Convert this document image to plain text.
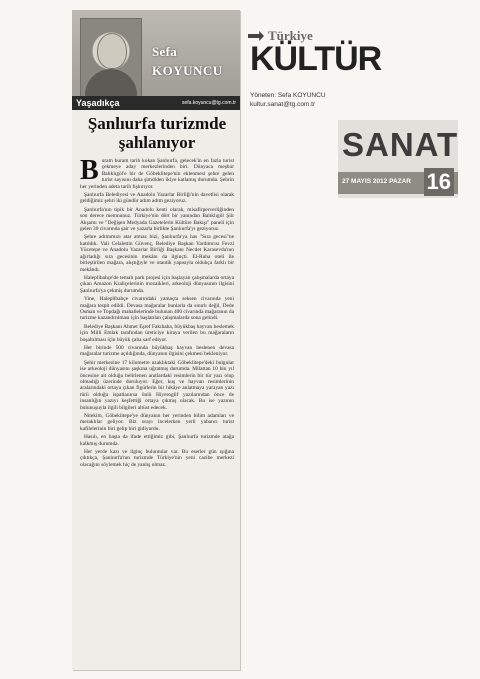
Sefa
KOYUNCU
Yaşadıkça	sefa.koyuncu@tg.com.tr
Şanlıurfa turizmde şahlanıyor

Buram buram tarih kokan Şanlıurfa, gelecek'in en fazla turist çekmeye aday merkezlerinden biri. Dünyaca meşhur Balıklıgöl'e bir de Göbeklitepe'nin eklenmesi şehre gelen turist sayısını daha şimdiden ikiye katlamış durumda. Şehrin her yerinden adeta tarih fışkırıyor.

Şanlıurfa Belediyesi ve Anadolu Yazarlar Birliği'nin davetlisi olarak geldiğimiz şehri iki gündür adım adım geziyoruz.

Şanlıurfa'nın tipik bir Anadolu kenti olarak, misafirperverliğinden son derece memnunuz. Türkiye'nin dört bir yanından Balıklıgöl Şiir Akşamı ve "Değişen Medyada Gazetelerin Kültüre Bakışı" paneli için gelen 30 civarında şair ve yazarla birlikte Şanlıurfa'yı geziyoruz.

Şehre adımımızı atar atmaz bizi, Şanlıurfa'ya has "Sıra gecesi"ne katıldık. Vali Celalettin Güvenç, Belediye Başkan Yardımcısı Fevzi Yücetepe ve Anadolu Yazarlar Birliği Başkanı Necdet Karasevda'nın ağırladığı sıra gecesinin mekânı da ilginçti. El-Ruha oteli ile birleştirilen mağara, alıştığıyle ve otantik yapısıyla oldukça farklı bir mekândı.

Haleplibahçe'de temalı park projesi için başlayan çalışmalarda ortaya çıkan Amazon Kraliçelerinin mozaikleri, arkeoloji dünyasının ilgisini Şanlıurfa'ya çekmiş durumda.

Yine, Haleplibahçe civarındaki yamaçta seksen civarında yeni mağara tespit edildi. Devasa mağaralar bunlarla da sınırlı değil, Dede Osman ve Topdağı mahallelerinde bulunan 400 civarında mağaranın da turizme kazandırılması için başlatılan çalışmalarda sona gelindi.

Belediye Başkanı Ahmet Eşref Fakıbaba, büyükbaş hayvan beslemek için Milli Emlak tarafından üreticiye kiraya verilen bu mağaraların boşaltılması için büyük çaba sarf ediyor.

Her birinde 500 civarında büyükbaş hayvan beslenen devasa mağaralar turizme açıldığında, dünyanın ilgisini çekmesi bekleniyor.

Şehir merkezine 17 kilometre uzaklıktaki Göbeklitepe'deki bulgular ise arkeoloji dünyasını şaşkına uğratmış durumda. Milattan 10 bin yıl öncesine ait olduğu belirlenen anıtlardaki resimlerin bir tür yazı olup olmadığı üzerinde duruluyor. Eğer, kuş ve hayvan resimlerinin aralarındaki ortaya çıkan figürlerin bir hikâye anlatmaya yarayan yazı türü olduğu ispatlanırsa ünlü Hiyeroglif yazılarından önce de insanlığın yazıyı keşfettiği ortaya çıkmış olacak. Bu ise yazının bulunuşuyla ilgili bilgileri altüst edecek.

Nitekim, Göbeklitepe'ye dünyanın her yerinden bilim adamları ve meraklılar geliyor. Biz orayı incelerken yerli yabancı turist kafilelerinin biri gelip biri gidiyordu.

Hasılı, en başta da ifade ettiğimiz gibi, Şanlıurfa turizmde atağa kalkmış durumda.

Her yerde kazı ve ilginç buluntular var. Bu eserler gün ışığına çıktıkça, Şanlıurfa'nın turizmde Türkiye'nin yeni cazibe merkezi olacağını söylemek hiç de yanlış olmaz.

Türkiye
KÜLTÜR
Yöneten: Sefa KOYUNCU
kultur.sanat@tg.com.tr
SANAT
27 MAYIS 2012 PAZAR 16
